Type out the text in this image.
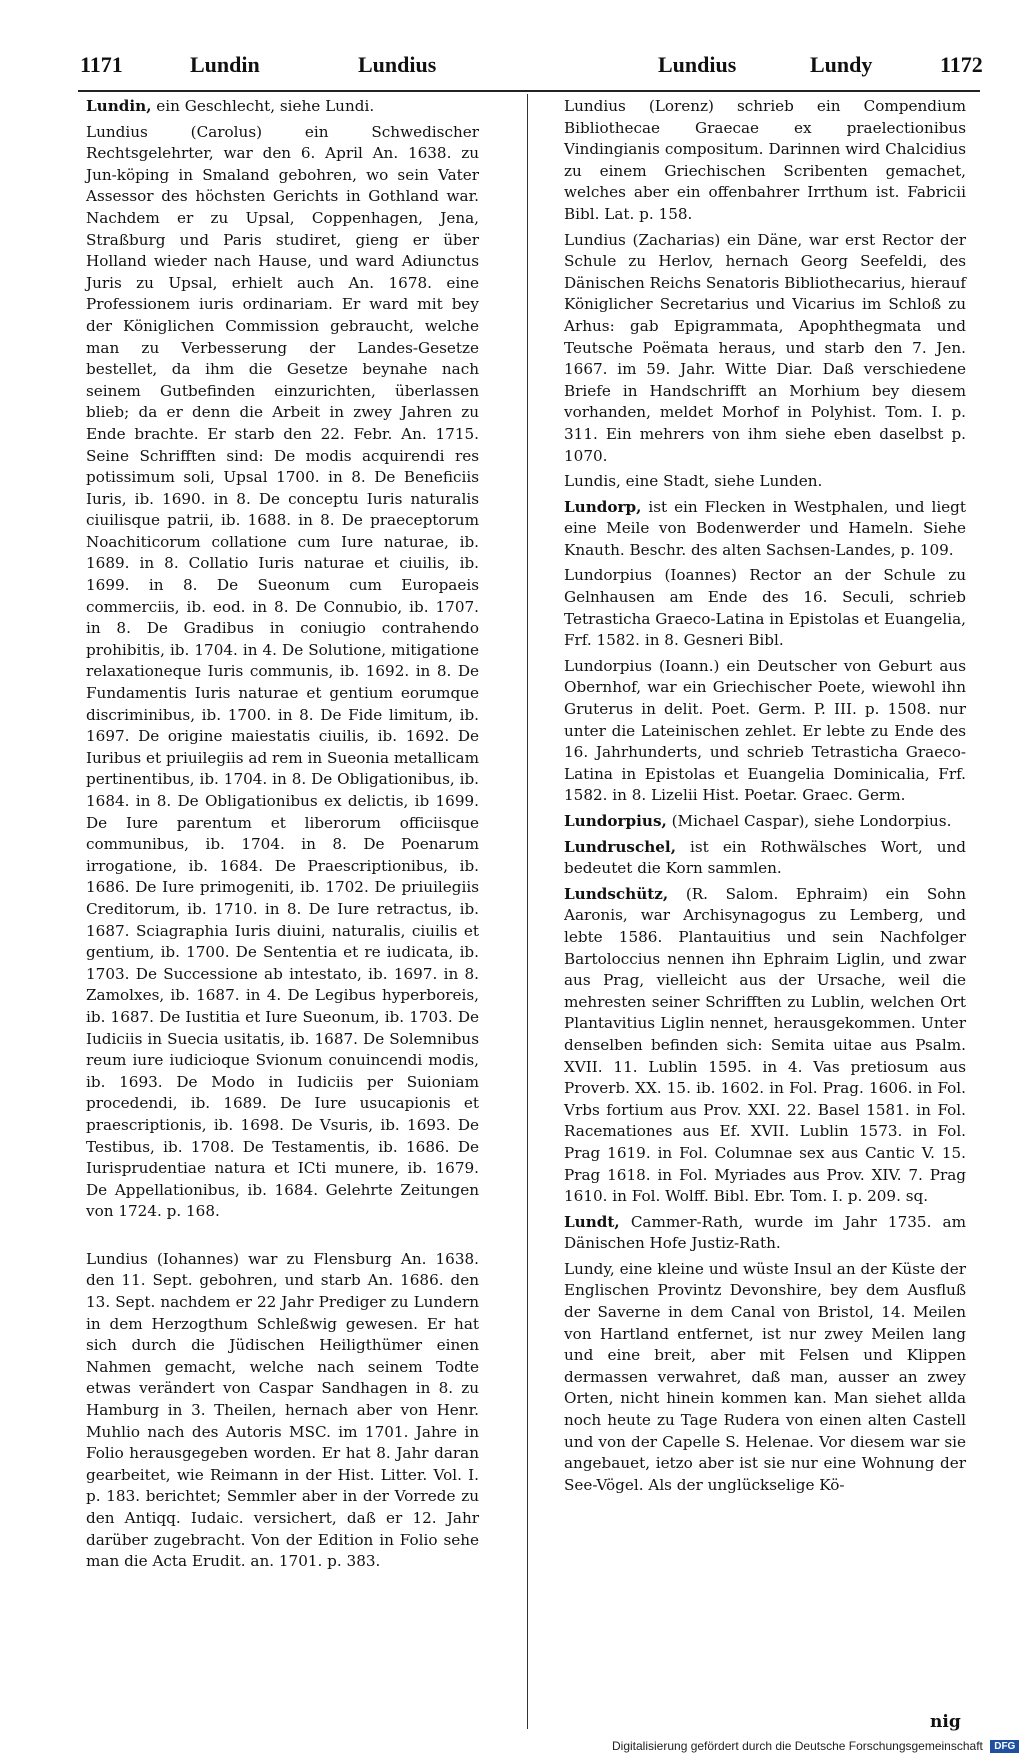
1171	Lundin	Lundius	Lundius	Lundy	1172

Lundin, ein Geschlecht, siehe Lundi.

Lundius (Carolus) ein Schwedischer Rechtsgelehrter, war den 6. April An. 1638. zu Jun-köping in Smaland gebohren, wo sein Vater Assessor des höchsten Gerichts in Gothland war. Nachdem er zu Upsal, Coppenhagen, Jena, Straßburg und Paris studiret, gieng er über Holland wieder nach Hause, und ward Adiunctus Juris zu Upsal, erhielt auch An. 1678. eine Professionem iuris ordinariam. Er ward mit bey der Königlichen Commission gebraucht, welche man zu Verbesserung der Landes-Gesetze bestellet, da ihm die Gesetze beynahe nach seinem Gutbefinden einzurichten, überlassen blieb; da er denn die Arbeit in zwey Jahren zu Ende brachte. Er starb den 22. Febr. An. 1715. Seine Schrifften sind: De modis acquirendi res potissimum soli, Upsal 1700. in 8. De Beneficiis Iuris, ib. 1690. in 8. De conceptu Iuris naturalis ciuilisque patrii, ib. 1688. in 8. De praeceptorum Noachiticorum collatione cum Iure naturae, ib. 1689. in 8. Collatio Iuris naturae et ciuilis, ib. 1699. in 8. De Sueonum cum Europaeis commerciis, ib. eod. in 8. De Connubio, ib. 1707. in 8. De Gradibus in coniugio contrahendo prohibitis, ib. 1704. in 4. De Solutione, mitigatione relaxationeque Iuris communis, ib. 1692. in 8. De Fundamentis Iuris naturae et gentium eorumque discriminibus, ib. 1700. in 8. De Fide limitum, ib. 1697. De origine maiestatis ciuilis, ib. 1692. De Iuribus et priuilegiis ad rem in Sueonia metallicam pertinentibus, ib. 1704. in 8. De Obligationibus, ib. 1684. in 8. De Obligationibus ex delictis, ib 1699. De Iure parentum et liberorum officiisque communibus, ib. 1704. in 8. De Poenarum irrogatione, ib. 1684. De Praescriptionibus, ib. 1686. De Iure primogeniti, ib. 1702. De priuilegiis Creditorum, ib. 1710. in 8. De Iure retractus, ib. 1687. Sciagraphia Iuris diuini, naturalis, ciuilis et gentium, ib. 1700. De Sententia et re iudicata, ib. 1703. De Successione ab intestato, ib. 1697. in 8. Zamolxes, ib. 1687. in 4. De Legibus hyperboreis, ib. 1687. De Iustitia et Iure Sueonum, ib. 1703. De Iudiciis in Suecia usitatis, ib. 1687. De Solemnibus reum iure iudicioque Svionum conuincendi modis, ib. 1693. De Modo in Iudiciis per Suioniam procedendi, ib. 1689. De Iure usucapionis et praescriptionis, ib. 1698. De Vsuris, ib. 1693. De Testibus, ib. 1708. De Testamentis, ib. 1686. De Iurisprudentiae natura et ICti munere, ib. 1679. De Appellationibus, ib. 1684. Gelehrte Zeitungen von 1724. p. 168.

Lundius (Iohannes) war zu Flensburg An. 1638. den 11. Sept. gebohren, und starb An. 1686. den 13. Sept. nachdem er 22 Jahr Prediger zu Lundern in dem Herzogthum Schleßwig gewesen. Er hat sich durch die Jüdischen Heiligthümer einen Nahmen gemacht, welche nach seinem Todte etwas verändert von Caspar Sandhagen in 8. zu Hamburg in 3. Theilen, hernach aber von Henr. Muhlio nach des Autoris MSC. im 1701. Jahre in Folio herausgegeben worden. Er hat 8. Jahr daran gearbeitet, wie Reimann in der Hist. Litter. Vol. I. p. 183. berichtet; Semmler aber in der Vorrede zu den Antiqq. Iudaic. versichert, daß er 12. Jahr darüber zugebracht. Von der Edition in Folio sehe man die Acta Erudit. an. 1701. p. 383.

Lundius (Lorenz) schrieb ein Compendium Bibliothecae Graecae ex praelectionibus Vindingianis compositum. Darinnen wird Chalcidius zu einem Griechischen Scribenten gemachet, welches aber ein offenbahrer Irrthum ist. Fabricii Bibl. Lat. p. 158.

Lundius (Zacharias) ein Däne, war erst Rector der Schule zu Herlov, hernach Georg Seefeldi, des Dänischen Reichs Senatoris Bibliothecarius, hierauf Königlicher Secretarius und Vicarius im Schloß zu Arhus: gab Epigrammata, Apophthegmata und Teutsche Poëmata heraus, und starb den 7. Jen. 1667. im 59. Jahr. Witte Diar. Daß verschiedene Briefe in Handschrifft an Morhium bey diesem vorhanden, meldet Morhof in Polyhist. Tom. I. p. 311. Ein mehrers von ihm siehe eben daselbst p. 1070.

Lundis, eine Stadt, siehe Lunden.

Lundorp, ist ein Flecken in Westphalen, und liegt eine Meile von Bodenwerder und Hameln. Siehe Knauth. Beschr. des alten Sachsen-Landes, p. 109.

Lundorpius (Ioannes) Rector an der Schule zu Gelnhausen am Ende des 16. Seculi, schrieb Tetrasticha Graeco-Latina in Epistolas et Euangelia, Frf. 1582. in 8. Gesneri Bibl.

Lundorpius (Ioann.) ein Deutscher von Geburt aus Obernhof, war ein Griechischer Poete, wiewohl ihn Gruterus in delit. Poet. Germ. P. III. p. 1508. nur unter die Lateinischen zehlet. Er lebte zu Ende des 16. Jahrhunderts, und schrieb Tetrasticha Graeco-Latina in Epistolas et Euangelia Dominicalia, Frf. 1582. in 8. Lizelii Hist. Poetar. Graec. Germ.

Lundorpius, (Michael Caspar), siehe Londorpius.

Lundruschel, ist ein Rothwälsches Wort, und bedeutet die Korn sammlen.

Lundschütz, (R. Salom. Ephraim) ein Sohn Aaronis, war Archisynagogus zu Lemberg, und lebte 1586. Plantauitius und sein Nachfolger Bartoloccius nennen ihn Ephraim Liglin, und zwar aus Prag, vielleicht aus der Ursache, weil die mehresten seiner Schrifften zu Lublin, welchen Ort Plantavitius Liglin nennet, herausgekommen. Unter denselben befinden sich: Semita uitae aus Psalm. XVII. 11. Lublin 1595. in 4. Vas pretiosum aus Proverb. XX. 15. ib. 1602. in Fol. Prag. 1606. in Fol. Vrbs fortium aus Prov. XXI. 22. Basel 1581. in Fol. Racemationes aus Ef. XVII. Lublin 1573. in Fol. Prag 1619. in Fol. Columnae sex aus Cantic V. 15. Prag 1618. in Fol. Myriades aus Prov. XIV. 7. Prag 1610. in Fol. Wolff. Bibl. Ebr. Tom. I. p. 209. sq.

Lundt, Cammer-Rath, wurde im Jahr 1735. am Dänischen Hofe Justiz-Rath.

Lundy, eine kleine und wüste Insul an der Küste der Englischen Provintz Devonshire, bey dem Ausfluß der Saverne in dem Canal von Bristol, 14. Meilen von Hartland entfernet, ist nur zwey Meilen lang und eine breit, aber mit Felsen und Klippen dermassen verwahret, daß man, ausser an zwey Orten, nicht hinein kommen kan. Man siehet allda noch heute zu Tage Rudera von einen alten Castell und von der Capelle S. Helenae. Vor diesem war sie angebauet, ietzo aber ist sie nur eine Wohnung der See-Vögel. Als der unglückselige Kö-

nig
Digitalisierung gefördert durch die Deutsche Forschungsgemeinschaft DFG
